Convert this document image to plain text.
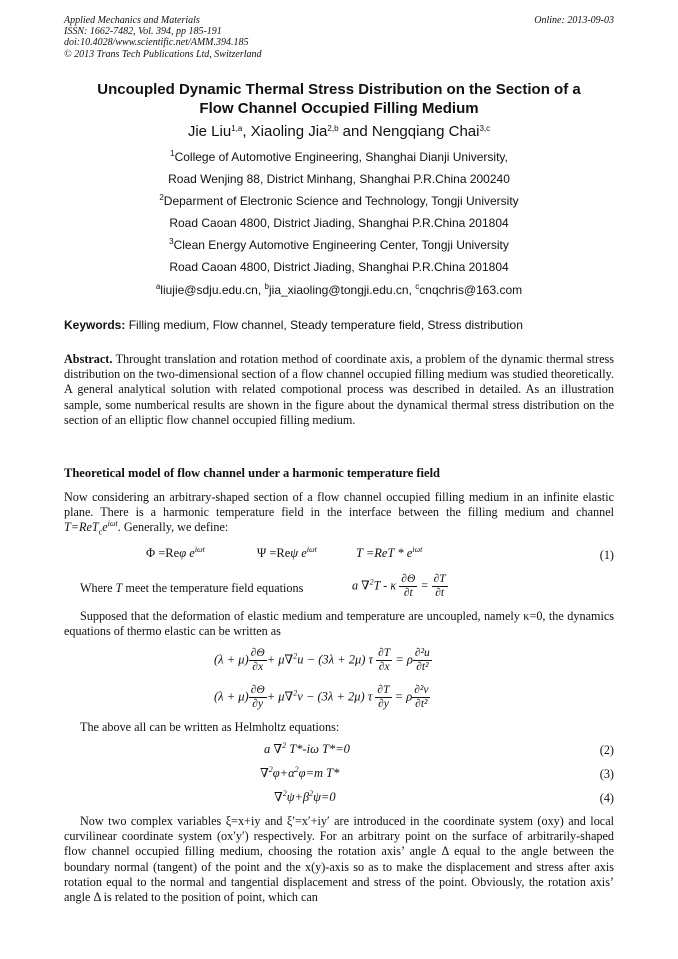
Applied Mechanics and Materials
ISSN: 1662-7482, Vol. 394, pp 185-191
doi:10.4028/www.scientific.net/AMM.394.185
© 2013 Trans Tech Publications Ltd, Switzerland
Online: 2013-09-03
Uncoupled Dynamic Thermal Stress Distribution on the Section of a
Flow Channel Occupied Filling Medium
Jie Liu$^{1,a}$, Xiaoling Jia$^{2,b}$ and Nengqiang Chai$^{3,c}$
$^1$College of Automotive Engineering, Shanghai Dianji University,
Road Wenjing 88, District Minhang, Shanghai P.R.China 200240
$^2$Deparment of Electronic Science and Technology, Tongji University
Road Caoan 4800, District Jiading, Shanghai P.R.China 201804
$^3$Clean Energy Automotive Engineering Center, Tongji University
Road Caoan 4800, District Jiading, Shanghai P.R.China 201804
$^a$liujie@sdju.edu.cn, $^b$jia_xiaoling@tongji.edu.cn, $^c$cnqchris@163.com
Keywords: Filling medium, Flow channel, Steady temperature field, Stress distribution
Abstract. Throught translation and rotation method of coordinate axis, a problem of the dynamic thermal stress distribution on the two-dimensional section of a flow channel occupied filling medium was studied theoretically. A general analytical solution with related compotional process was described in detailed. As an illustration sample, some numberical results are shown in the figure about the dynamical thermal stress distribution on the section of an elliptic flow channel occupied filling medium.
Theoretical model of flow channel under a harmonic temperature field
Now considering an arbitrary-shaped section of a flow channel occupied filling medium in an infinite elastic plane. There is a harmonic temperature field in the interface between the filling medium and channel $T=ReT_ce^{i\omega t}$. Generally, we define:
Φ =Reφ $e^{i\omega t}$	Ψ =Reψ $e^{i\omega t}$	$T =ReT * e^{i\omega t}$	(1)
Where T meet the temperature field equations	a ∇$^2$T - κ $\frac{\partial\Theta}{\partial t} = \frac{\partial T}{\partial t}$
Supposed that the deformation of elastic medium and temperature are uncoupled, namely κ=0, the dynamics equations of thermo elastic can be written as
$(\lambda + \mu) \frac{\partial\Theta}{\partial x} + \mu\nabla^2u - (3\lambda + 2\mu)$ τ $\frac{\partial T}{\partial x} = \rho \frac{\text{∂²u}}{\text{∂t²}}$
$(\lambda + \mu) \frac{\partial\Theta}{\partial y} + \mu\nabla^2v - (3\lambda + 2\mu)$ τ $\frac{\partial T}{\partial y} = \rho \frac{\text{∂²v}}{\text{∂t²}}$
The above all can be written as Helmholtz equations:
a ∇$^2$ T*-iω T*=0	(2)
$\nabla^2\varphi+\alpha^2\varphi=m$ T*	(3)
$\nabla^2\psi+\beta^2\psi=0$	(4)
Now two complex variables ξ=x+iy and ξ′=x′+iy′ are introduced in the coordinate system (oxy) and local curvilinear coordinate system (ox′y′) respectively. For an arbitrary point on the surface of arbitrarily-shaped flow channel occupied filling medium, choosing the rotation axis’ angle Δ equal to the angle between the boundary normal (tangent) of the point and the x(y)-axis so as to make the displacement and stress after axis rotation equal to the normal and tangential displacement and stress of the point. Obviously, the rotation axis’ angle Δ is related to the position of point, which can
